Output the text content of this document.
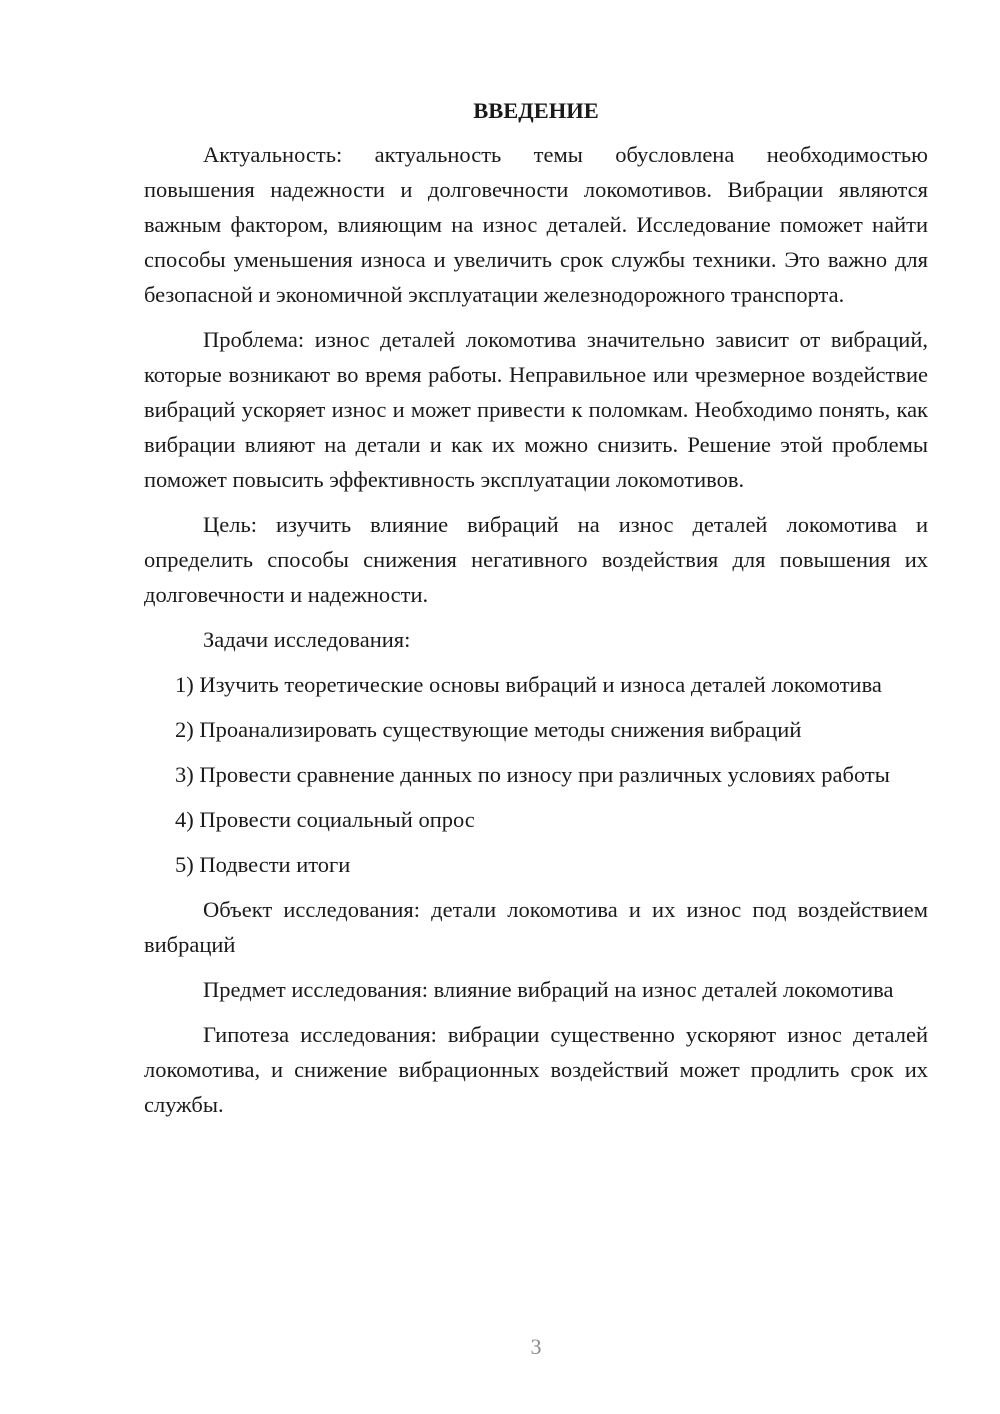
ВВЕДЕНИЕ

Актуальность: актуальность темы обусловлена необходимостью повышения надежности и долговечности локомотивов. Вибрации являются важным фактором, влияющим на износ деталей. Исследование поможет найти способы уменьшения износа и увеличить срок службы техники. Это важно для безопасной и экономичной эксплуатации железнодорожного транспорта.

Проблема: износ деталей локомотива значительно зависит от вибраций, которые возникают во время работы. Неправильное или чрезмерное воздействие вибраций ускоряет износ и может привести к поломкам. Необходимо понять, как вибрации влияют на детали и как их можно снизить. Решение этой проблемы поможет повысить эффективность эксплуатации локомотивов.

Цель: изучить влияние вибраций на износ деталей локомотива и определить способы снижения негативного воздействия для повышения их долговечности и надежности.

Задачи исследования:

1) Изучить теоретические основы вибраций и износа деталей локомотива

2) Проанализировать существующие методы снижения вибраций

3) Провести сравнение данных по износу при различных условиях работы

4) Провести социальный опрос

5) Подвести итоги

Объект исследования: детали локомотива и их износ под воздействием вибраций

Предмет исследования: влияние вибраций на износ деталей локомотива

Гипотеза исследования: вибрации существенно ускоряют износ деталей локомотива, и снижение вибрационных воздействий может продлить срок их службы.

3
